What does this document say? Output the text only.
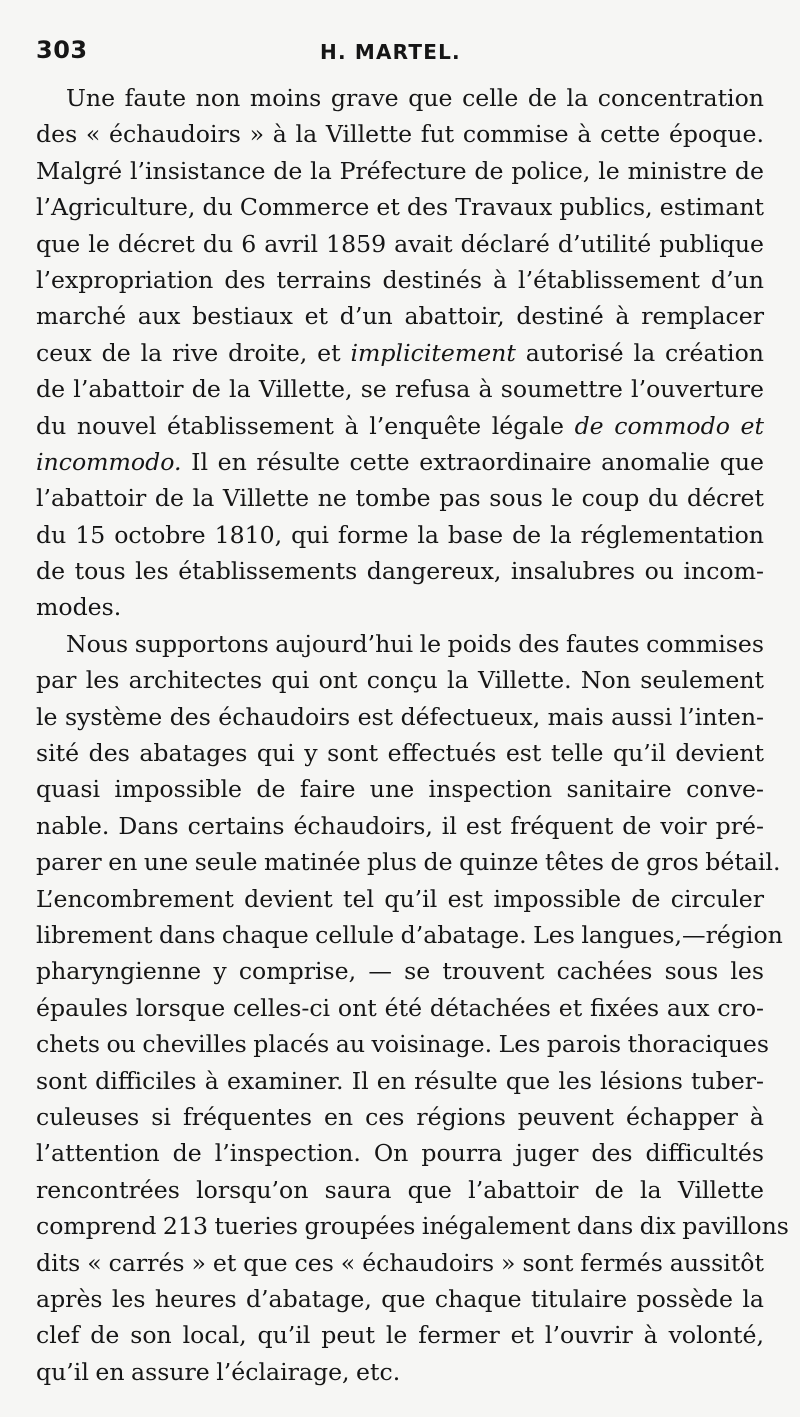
303	H. MARTEL.
Une faute non moins grave que celle de la concentration
des « échaudoirs » à la Villette fut commise à cette époque.
Malgré l’insistance de la Préfecture de police, le ministre de
l’Agriculture, du Commerce et des Travaux publics, estimant
que le décret du 6 avril 1859 avait déclaré d’utilité publique
l’expropriation des terrains destinés à l’établissement d’un
marché aux bestiaux et d’un abattoir, destiné à remplacer
ceux de la rive droite, et implicitement autorisé la création
de l’abattoir de la Villette, se refusa à soumettre l’ouverture
du nouvel établissement à l’enquête légale de commodo et
incommodo. Il en résulte cette extraordinaire anomalie que
l’abattoir de la Villette ne tombe pas sous le coup du décret
du 15 octobre 1810, qui forme la base de la réglementation
de tous les établissements dangereux, insalubres ou incom-
modes.
Nous supportons aujourd’hui le poids des fautes commises
par les architectes qui ont conçu la Villette. Non seulement
le système des échaudoirs est défectueux, mais aussi l’inten-
sité des abatages qui y sont effectués est telle qu’il devient
quasi impossible de faire une inspection sanitaire conve-
nable. Dans certains échaudoirs, il est fréquent de voir pré-
parer en une seule matinée plus de quinze têtes de gros bétail.
L’encombrement devient tel qu’il est impossible de circuler
librement dans chaque cellule d’abatage. Les langues,—région
pharyngienne y comprise, — se trouvent cachées sous les
épaules lorsque celles-ci ont été détachées et fixées aux cro-
chets ou chevilles placés au voisinage. Les parois thoraciques
sont difficiles à examiner. Il en résulte que les lésions tuber-
culeuses si fréquentes en ces régions peuvent échapper à
l’attention de l’inspection. On pourra juger des difficultés
rencontrées lorsqu’on saura que l’abattoir de la Villette
comprend 213 tueries groupées inégalement dans dix pavillons
dits « carrés » et que ces « échaudoirs » sont fermés aussitôt
après les heures d’abatage, que chaque titulaire possède la
clef de son local, qu’il peut le fermer et l’ouvrir à volonté,
qu’il en assure l’éclairage, etc.
